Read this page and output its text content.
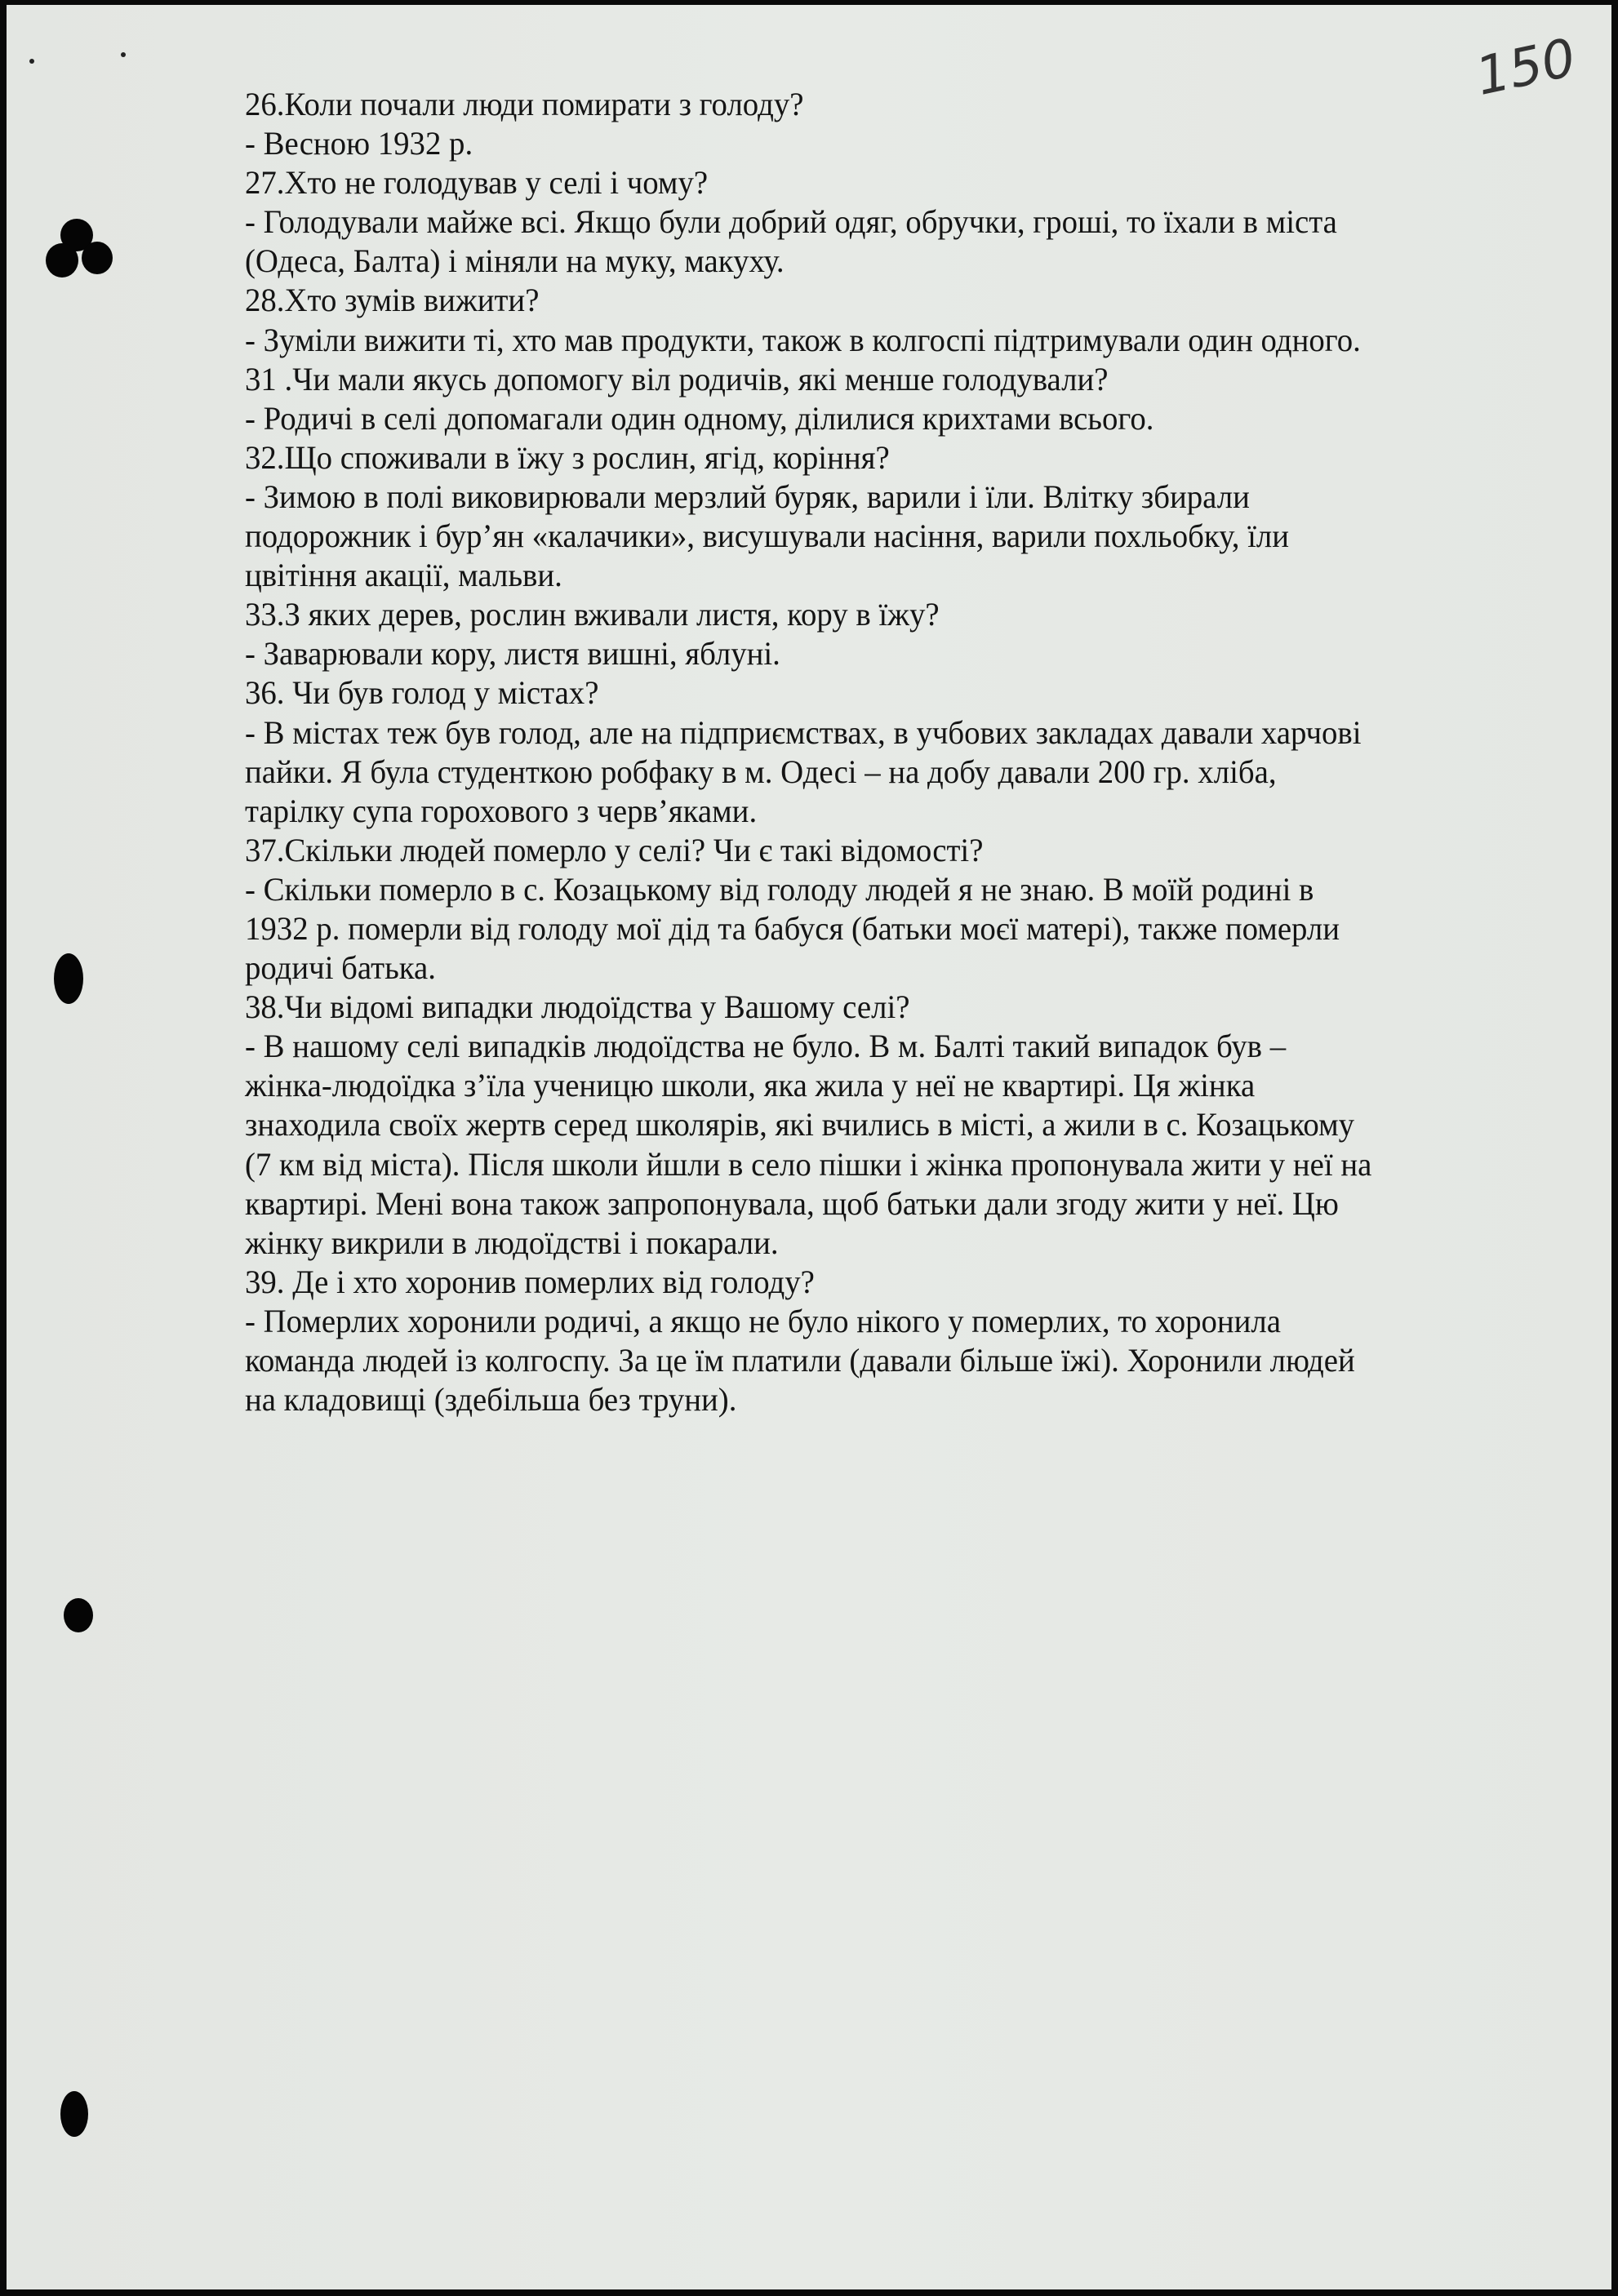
150
26.Коли почали люди помирати з голоду?
- Весною 1932 р.
27.Хто не голодував у селі і чому?
- Голодували майже всі. Якщо були добрий одяг, обручки, гроші, то їхали в міста
(Одеса, Балта) і міняли на муку, макуху.
28.Хто зумів вижити?
- Зуміли вижити ті, хто мав продукти, також в колгоспі підтримували один одного.
31 .Чи мали якусь допомогу віл родичів, які менше голодували?
- Родичі в селі допомагали один одному, ділилися крихтами всього.
32.Що споживали в їжу з рослин, ягід, коріння?
- Зимою в полі виковирювали мерзлий буряк, варили і їли. Влітку збирали
подорожник і бур’ян «калачики», висушували насіння, варили похльобку, їли
цвітіння акації, мальви.
33.З яких дерев, рослин вживали листя, кору в їжу?
- Заварювали кору, листя вишні, яблуні.
36. Чи був голод у містах?
- В містах теж був голод, але на підприємствах, в учбових закладах давали харчові
пайки. Я була студенткою робфаку в м. Одесі – на добу давали 200 гр. хліба,
тарілку супа горохового з черв’яками.
37.Скільки людей померло у селі? Чи є такі відомості?
- Скільки померло в с. Козацькому від голоду людей я не знаю. В моїй родині в
1932 р. померли від голоду мої дід та бабуся (батьки моєї матері), также померли
родичі батька.
38.Чи відомі випадки людоїдства у Вашому селі?
- В нашому селі випадків людоїдства не було. В м. Балті такий випадок був –
жінка-людоїдка з’їла ученицю школи, яка жила у неї не квартирі. Ця жінка
знаходила своїх жертв серед школярів, які вчились в місті, а жили в с. Козацькому
(7 км від міста). Після школи йшли в село пішки і жінка пропонувала жити у неї на
квартирі. Мені вона також запропонувала, щоб батьки дали згоду жити у неї. Цю
жінку викрили в людоїдстві і покарали.
39. Де і хто хоронив померлих від голоду?
- Померлих хоронили родичі, а якщо не було нікого у померлих, то хоронила
команда людей із колгоспу. За це їм платили (давали більше їжі). Хоронили людей
на кладовищі (здебільша без труни).
